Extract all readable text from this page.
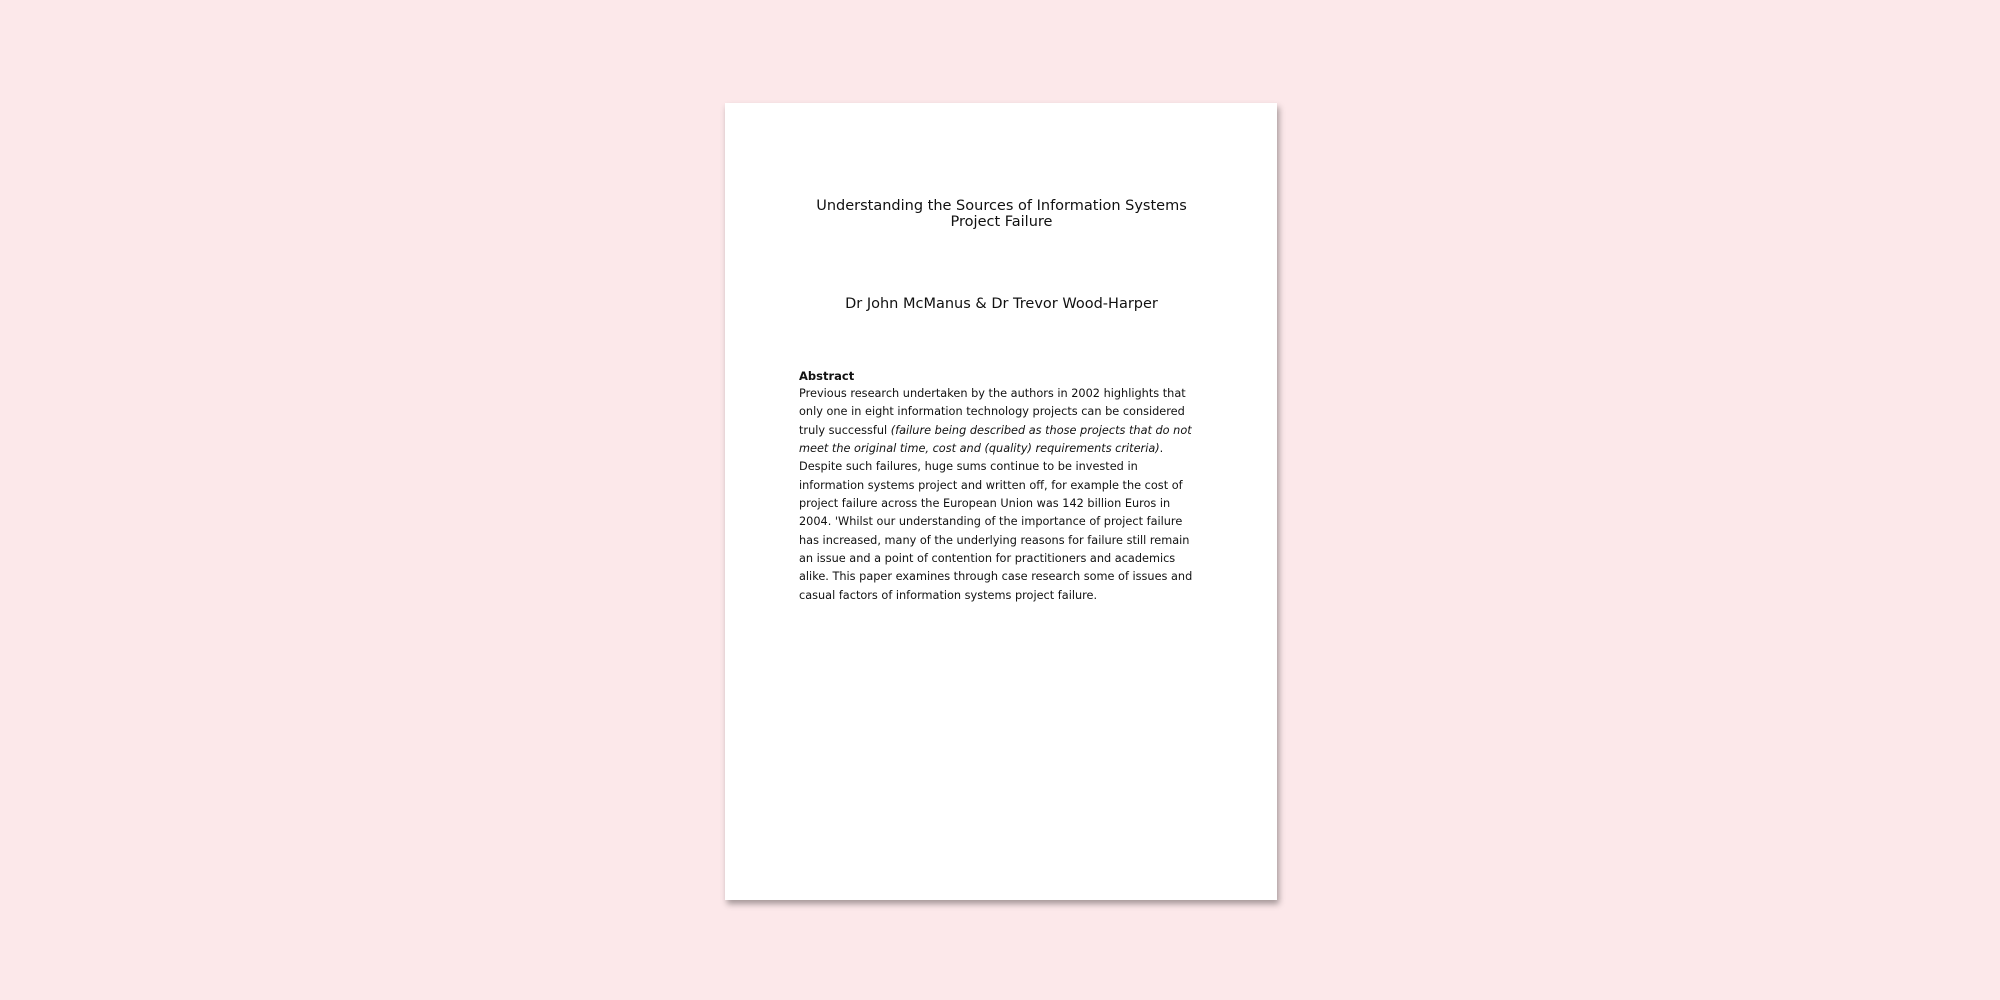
Understanding the Sources of Information Systems Project Failure

Dr John McManus & Dr Trevor Wood-Harper

Abstract

Previous research undertaken by the authors in 2002 highlights that only one in eight information technology projects can be considered truly successful (failure being described as those projects that do not meet the original time, cost and (quality) requirements criteria). Despite such failures, huge sums continue to be invested in information systems project and written off, for example the cost of project failure across the European Union was 142 billion Euros in 2004. 'Whilst our understanding of the importance of project failure has increased, many of the underlying reasons for failure still remain an issue and a point of contention for practitioners and academics alike. This paper examines through case research some of issues and casual factors of information systems project failure.
